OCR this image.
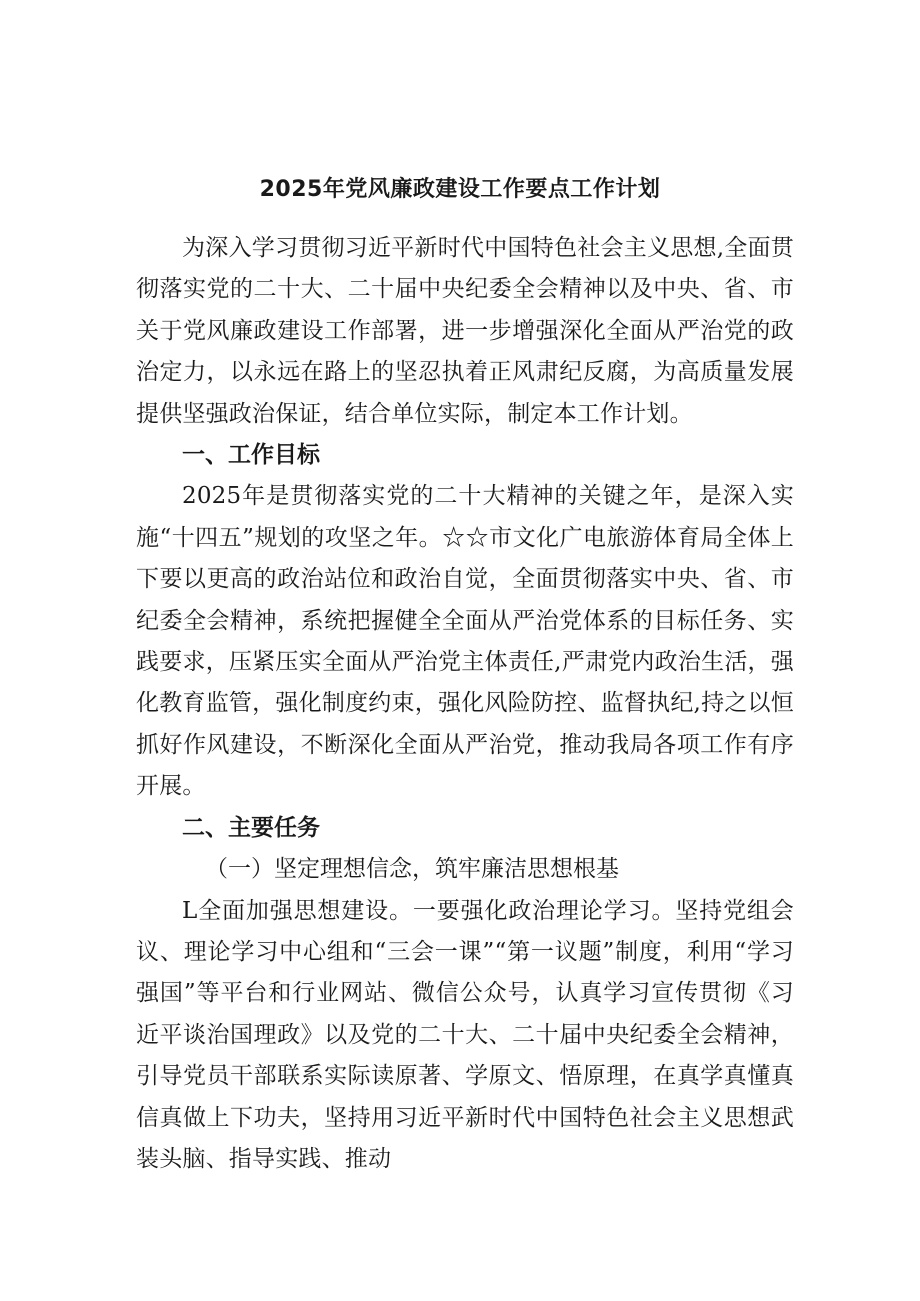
2025年党风廉政建设工作要点工作计划

为深入学习贯彻习近平新时代中国特色社会主义思想,全面贯彻落实党的二十大、二十届中央纪委全会精神以及中央、省、市关于党风廉政建设工作部署，进一步增强深化全面从严治党的政治定力，以永远在路上的坚忍执着正风肃纪反腐，为高质量发展提供坚强政治保证，结合单位实际，制定本工作计划。

一、工作目标

2025年是贯彻落实党的二十大精神的关键之年，是深入实施“十四五”规划的攻坚之年。☆☆市文化广电旅游体育局全体上下要以更高的政治站位和政治自觉，全面贯彻落实中央、省、市纪委全会精神，系统把握健全全面从严治党体系的目标任务、实践要求，压紧压实全面从严治党主体责任,严肃党内政治生活，强化教育监管，强化制度约束，强化风险防控、监督执纪,持之以恒抓好作风建设，不断深化全面从严治党，推动我局各项工作有序开展。

二、主要任务

（一）坚定理想信念，筑牢廉洁思想根基

L全面加强思想建设。一要强化政治理论学习。坚持党组会议、理论学习中心组和“三会一课”“第一议题”制度，利用“学习强国”等平台和行业网站、微信公众号，认真学习宣传贯彻《习近平谈治国理政》以及党的二十大、二十届中央纪委全会精神，引导党员干部联系实际读原著、学原文、悟原理，在真学真懂真信真做上下功夫，坚持用习近平新时代中国特色社会主义思想武装头脑、指导实践、推动
